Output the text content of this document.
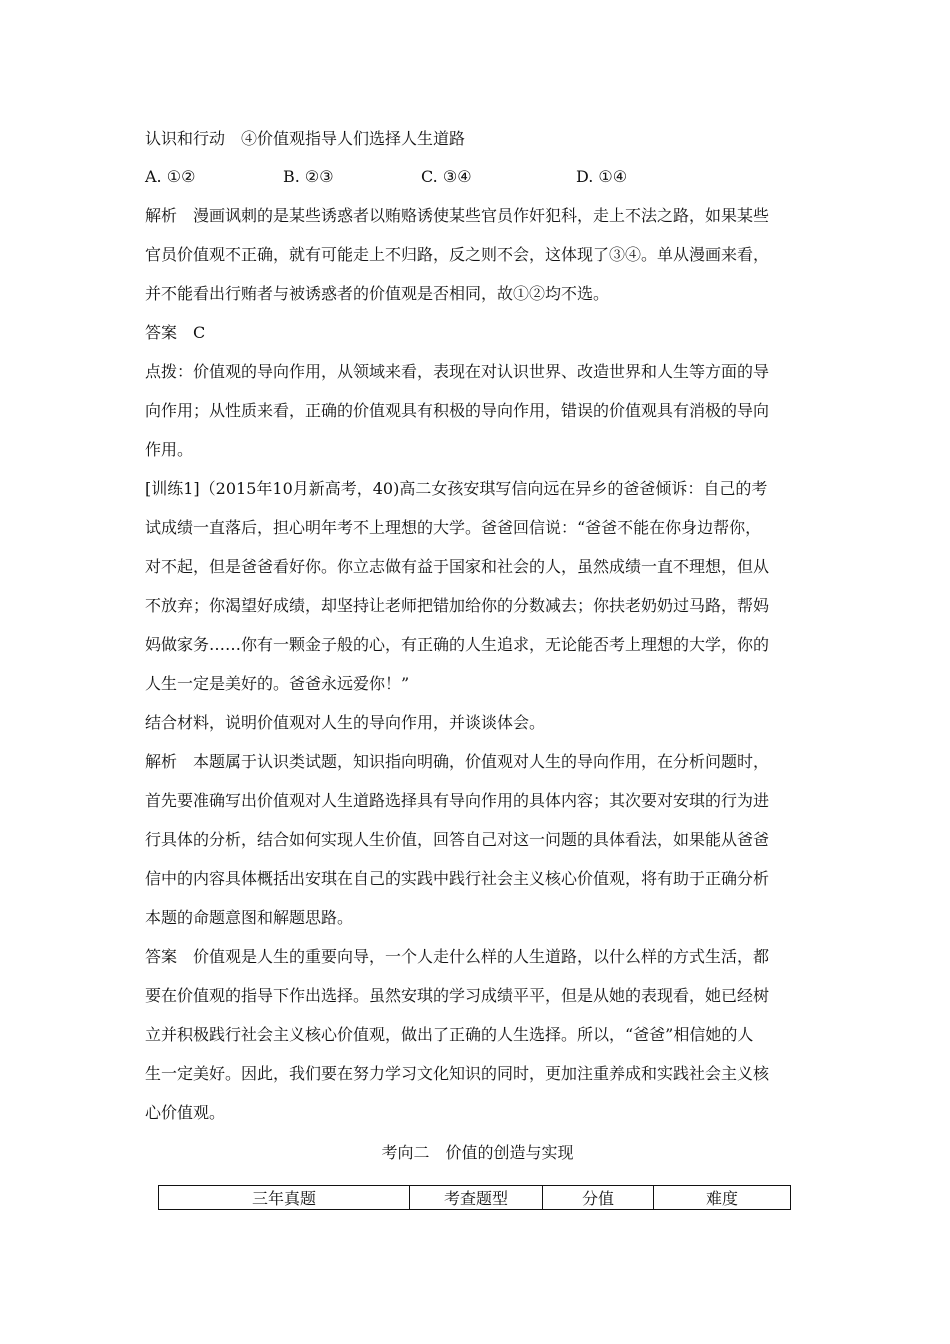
认识和行动　④价值观指导人们选择人生道路

A. ①②	B. ②③	C. ③④	D. ①④

解析 漫画讽刺的是某些诱惑者以贿赂诱使某些官员作奸犯科，走上不法之路，如果某些

官员价值观不正确，就有可能走上不归路，反之则不会，这体现了③④。单从漫画来看，

并不能看出行贿者与被诱惑者的价值观是否相同，故①②均不选。

答案 C

点拨：价值观的导向作用，从领域来看，表现在对认识世界、改造世界和人生等方面的导

向作用；从性质来看，正确的价值观具有积极的导向作用，错误的价值观具有消极的导向

作用。

[训练1]（2015年10月新高考，40)高二女孩安琪写信向远在异乡的爸爸倾诉：自己的考

试成绩一直落后，担心明年考不上理想的大学。爸爸回信说：“爸爸不能在你身边帮你，

对不起，但是爸爸看好你。你立志做有益于国家和社会的人，虽然成绩一直不理想，但从

不放弃；你渴望好成绩，却坚持让老师把错加给你的分数减去；你扶老奶奶过马路，帮妈

妈做家务……你有一颗金子般的心，有正确的人生追求，无论能否考上理想的大学，你的

人生一定是美好的。爸爸永远爱你！”

结合材料，说明价值观对人生的导向作用，并谈谈体会。

解析 本题属于认识类试题，知识指向明确，价值观对人生的导向作用，在分析问题时，

首先要准确写出价值观对人生道路选择具有导向作用的具体内容；其次要对安琪的行为进

行具体的分析，结合如何实现人生价值，回答自己对这一问题的具体看法，如果能从爸爸

信中的内容具体概括出安琪在自己的实践中践行社会主义核心价值观，将有助于正确分析

本题的命题意图和解题思路。

答案 价值观是人生的重要向导，一个人走什么样的人生道路，以什么样的方式生活，都

要在价值观的指导下作出选择。虽然安琪的学习成绩平平，但是从她的表现看，她已经树

立并积极践行社会主义核心价值观，做出了正确的人生选择。所以，“爸爸”相信她的人

生一定美好。因此，我们要在努力学习文化知识的同时，更加注重养成和实践社会主义核

心价值观。

考向二　价值的创造与实现
三年真题	考查题型	分值	难度
